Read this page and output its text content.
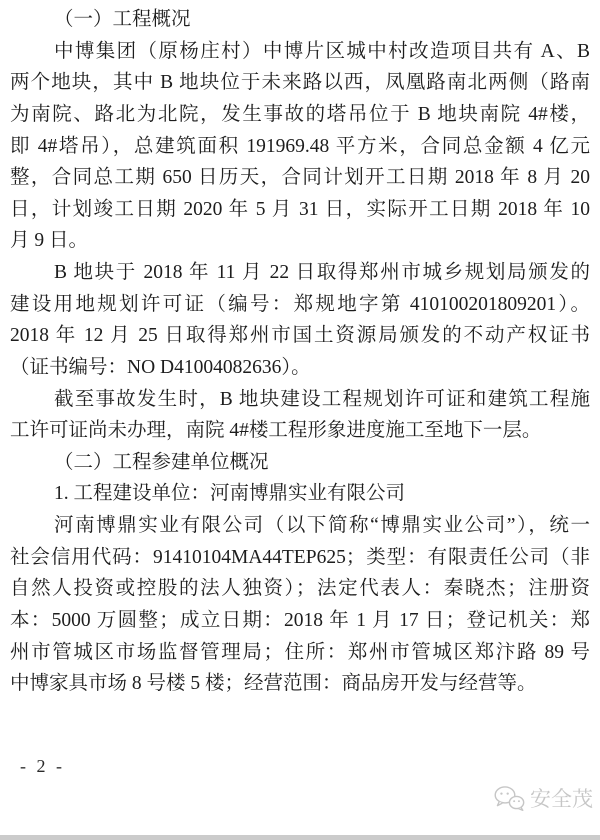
（一）工程概况
中博集团（原杨庄村）中博片区城中村改造项目共有 A、B
两个地块，其中 B 地块位于未来路以西，凤凰路南北两侧（路南
为南院、路北为北院，发生事故的塔吊位于 B 地块南院 4#楼，
即 4#塔吊），总建筑面积 191969.48 平方米，合同总金额 4 亿元
整，合同总工期 650 日历天，合同计划开工日期 2018 年 8 月 20
日，计划竣工日期 2020 年 5 月 31 日，实际开工日期 2018 年 10
月 9 日。
B 地块于 2018 年 11 月 22 日取得郑州市城乡规划局颁发的
建设用地规划许可证（编号：郑规地字第 410100201809201）。
2018 年 12 月 25 日取得郑州市国土资源局颁发的不动产权证书
（证书编号：NO D41004082636）。
截至事故发生时，B 地块建设工程规划许可证和建筑工程施
工许可证尚未办理，南院 4#楼工程形象进度施工至地下一层。
（二）工程参建单位概况
1. 工程建设单位：河南博鼎实业有限公司
河南博鼎实业有限公司（以下简称“博鼎实业公司”），统一
社会信用代码：91410104MA44TEP625；类型：有限责任公司（非
自然人投资或控股的法人独资）；法定代表人：秦晓杰；注册资
本：5000 万圆整；成立日期：2018 年 1 月 17 日；登记机关：郑
州市管城区市场监督管理局；住所：郑州市管城区郑汴路 89 号
中博家具市场 8 号楼 5 楼；经营范围：商品房开发与经营等。
- 2 -
安全茂
